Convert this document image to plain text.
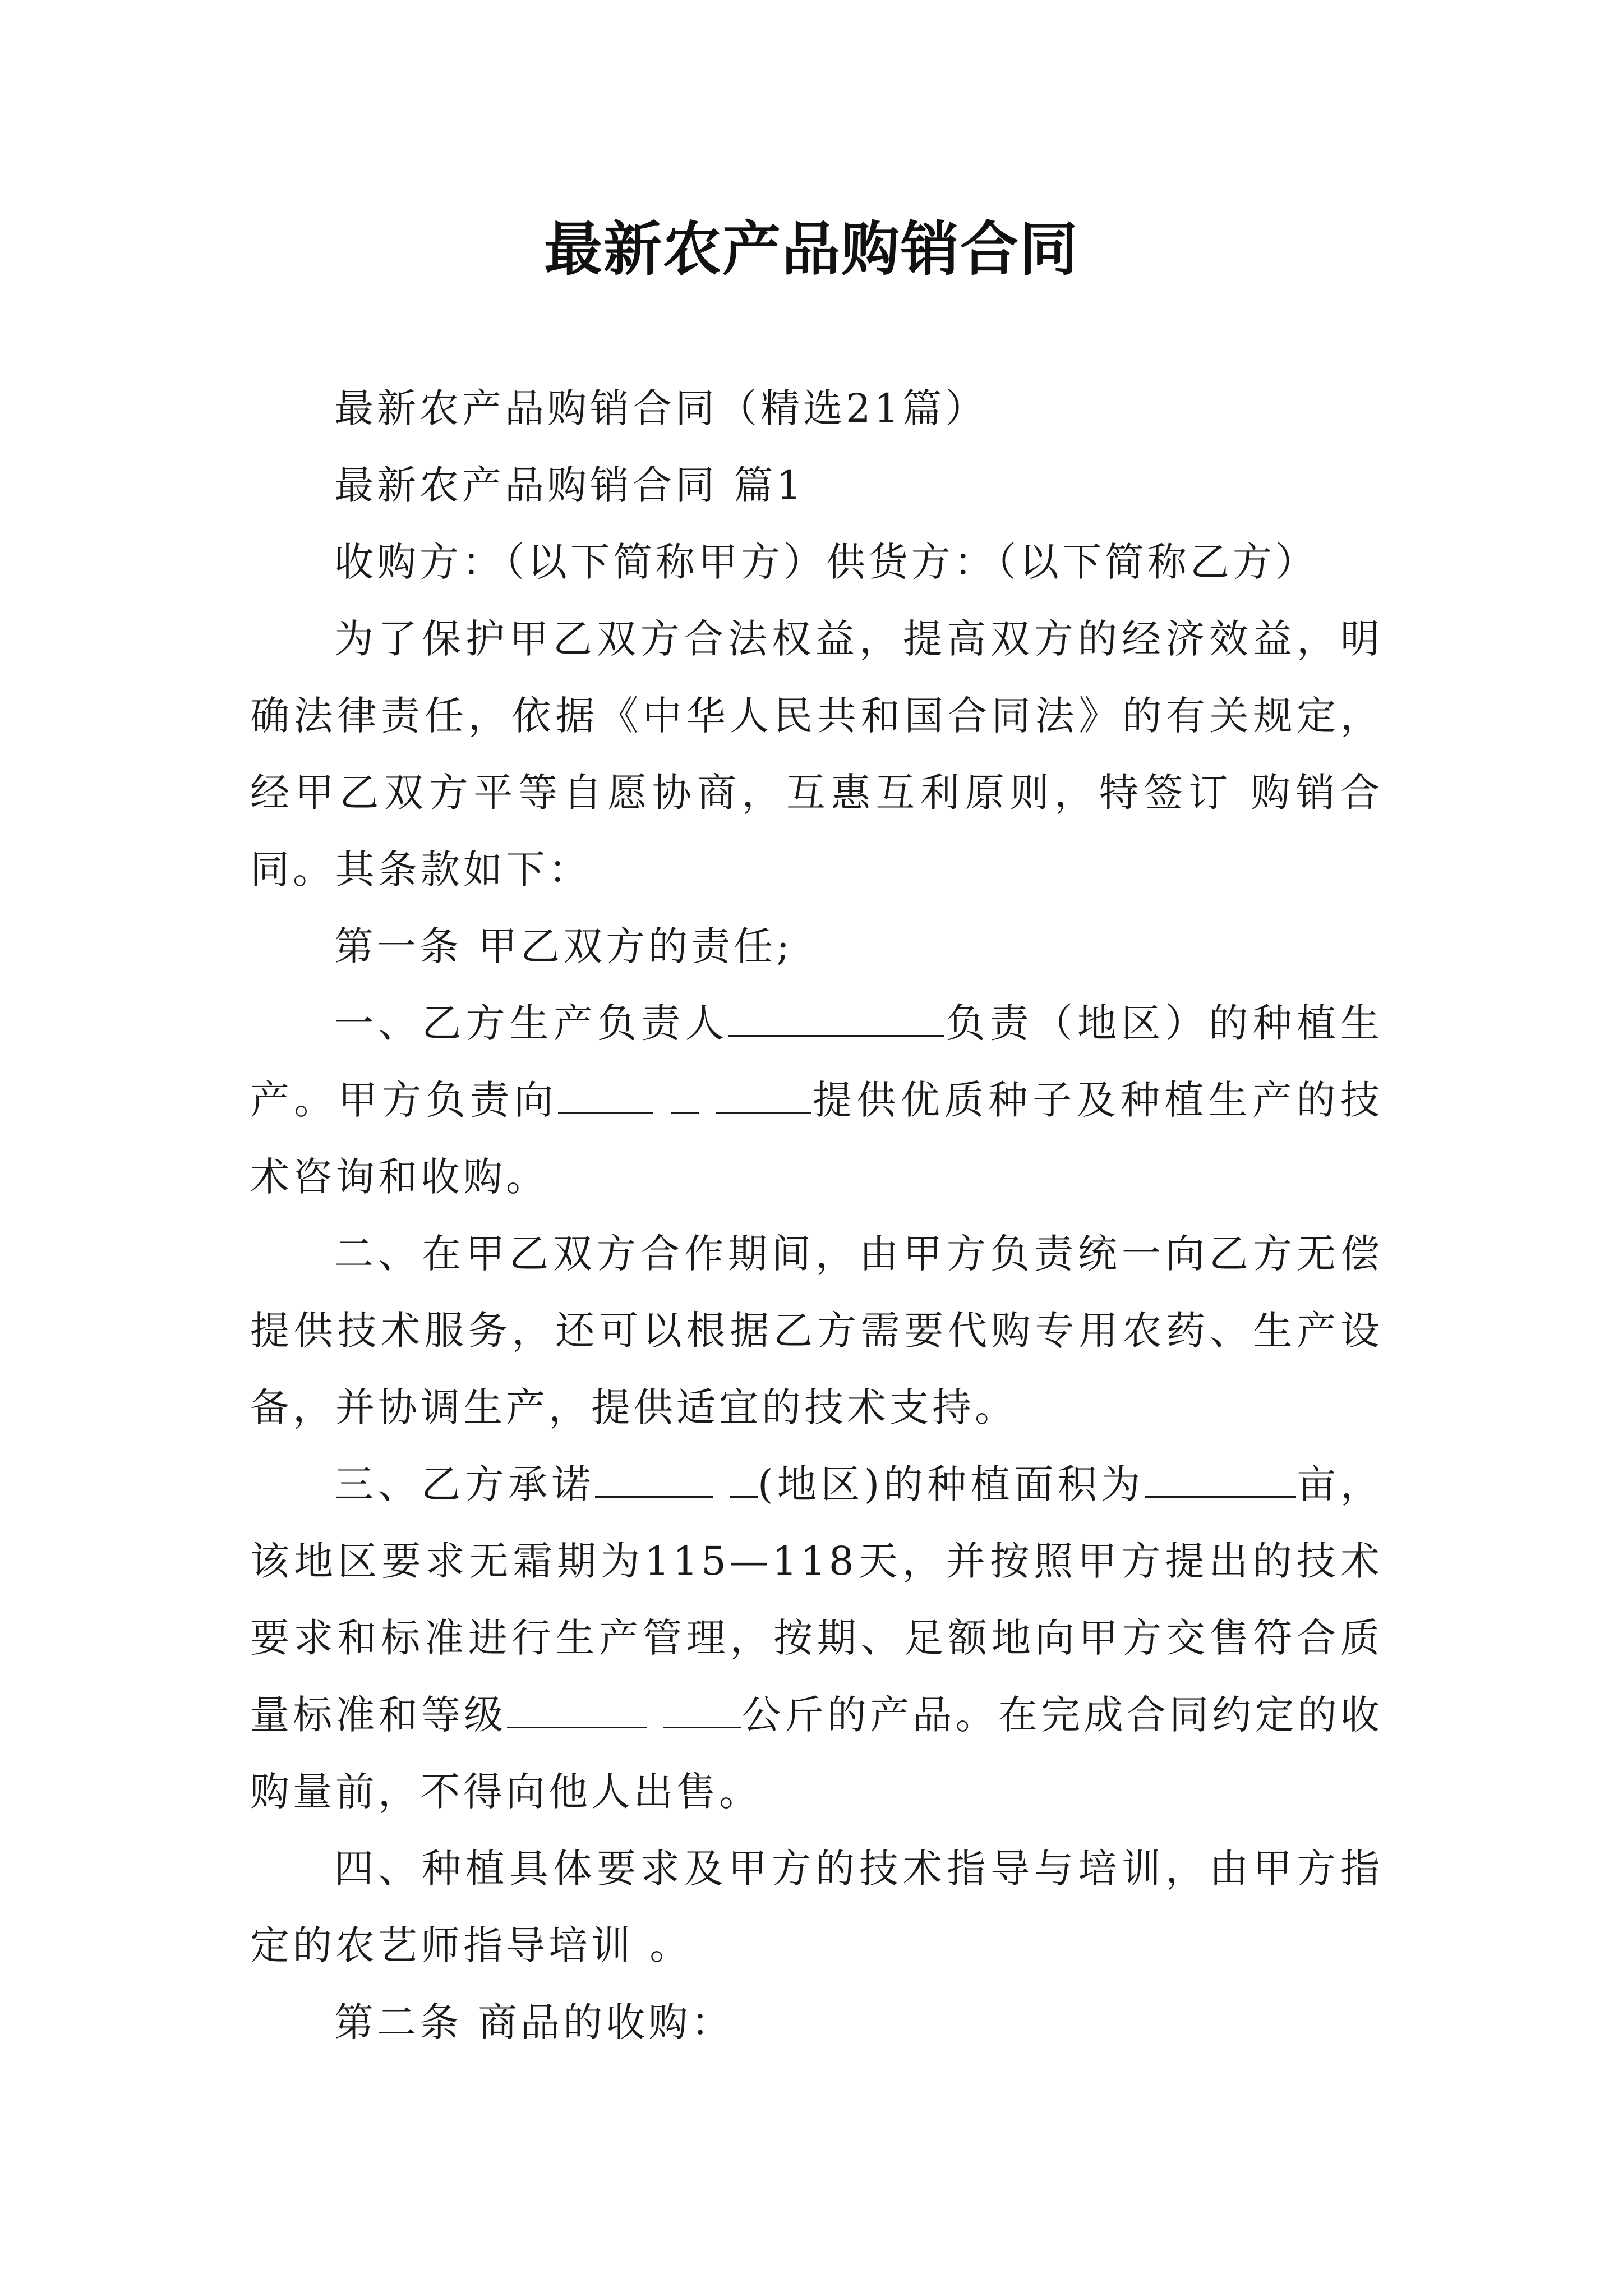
最新农产品购销合同

最新农产品购销合同（精选21篇）

最新农产品购销合同 篇1

收购方：（以下简称甲方）供货方：（以下简称乙方）

为了保护甲乙双方合法权益，提高双方的经济效益，明确法律责任，依据《中华人民共和国合同法》的有关规定，经甲乙双方平等自愿协商，互惠互利原则，特签订 购销合同。其条款如下：

第一条 甲乙双方的责任;

一、乙方生产负责人	负责（地区）的种植生产。甲方负责向	提供优质种子及种植生产的技术咨询和收购。

二、在甲乙双方合作期间，由甲方负责统一向乙方无偿提供技术服务，还可以根据乙方需要代购专用农药、生产设备，并协调生产，提供适宜的技术支持。

三、乙方承诺	(地区)的种植面积为	亩，该地区要求无霜期为115—118天，并按照甲方提出的技术要求和标准进行生产管理，按期、足额地向甲方交售符合质量标准和等级	公斤的产品。在完成合同约定的收购量前，不得向他人出售。

四、种植具体要求及甲方的技术指导与培训，由甲方指定的农艺师指导培训 。

第二条 商品的收购：
